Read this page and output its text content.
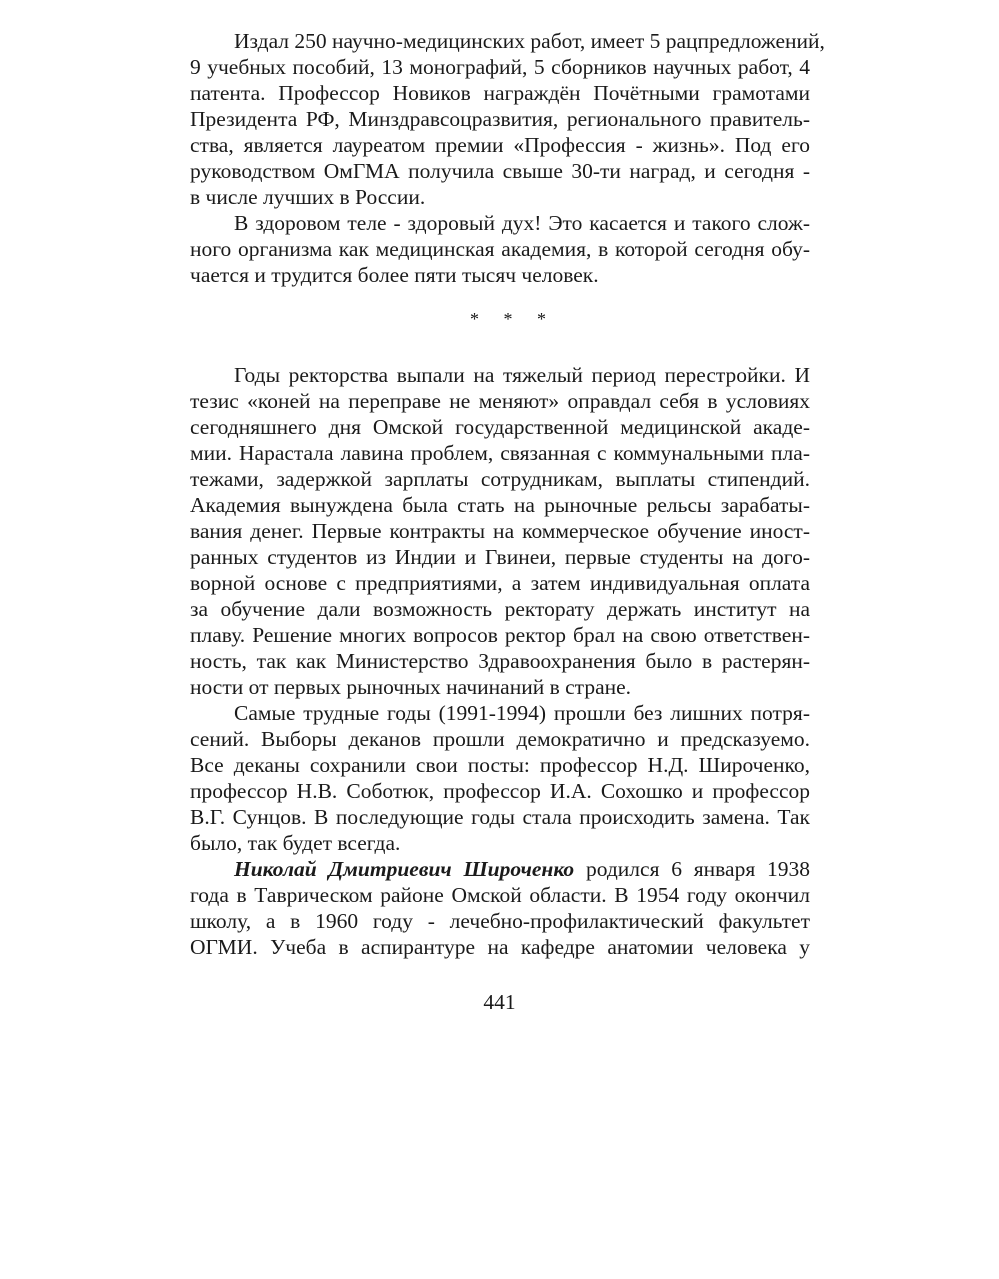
Издал 250 научно-медицинских работ, имеет 5 рацпредложений,
9 учебных пособий, 13 монографий, 5 сборников научных работ, 4
патента. Профессор Новиков награждён Почётными грамотами
Президента РФ, Минздравсоцразвития, регионального правитель-
ства, является лауреатом премии «Профессия - жизнь». Под его
руководством ОмГМА получила свыше 30-ти наград, и сегодня -
в числе лучших в России.
В здоровом теле - здоровый дух! Это касается и такого слож-
ного организма как медицинская академия, в которой сегодня обу-
чается и трудится более пяти тысяч человек.
* * *
Годы ректорства выпали на тяжелый период перестройки. И
тезис «коней на переправе не меняют» оправдал себя в условиях
сегодняшнего дня Омской государственной медицинской акаде-
мии. Нарастала лавина проблем, связанная с коммунальными пла-
тежами, задержкой зарплаты сотрудникам, выплаты стипендий.
Академия вынуждена была стать на рыночные рельсы зарабаты-
вания денег. Первые контракты на коммерческое обучение иност-
ранных студентов из Индии и Гвинеи, первые студенты на дого-
ворной основе с предприятиями, а затем индивидуальная оплата
за обучение дали возможность ректорату держать институт на
плаву. Решение многих вопросов ректор брал на свою ответствен-
ность, так как Министерство Здравоохранения было в растерян-
ности от первых рыночных начинаний в стране.
Самые трудные годы (1991-1994) прошли без лишних потря-
сений. Выборы деканов прошли демократично и предсказуемо.
Все деканы сохранили свои посты: профессор Н.Д. Широченко,
профессор Н.В. Соботюк, профессор И.А. Сохошко и профессор
В.Г. Сунцов. В последующие годы стала происходить замена. Так
было, так будет всегда.
Николай Дмитриевич Широченко родился 6 января 1938
года в Таврическом районе Омской области. В 1954 году окончил
школу, а в 1960 году - лечебно-профилактический факультет
ОГМИ. Учеба в аспирантуре на кафедре анатомии человека у
441
